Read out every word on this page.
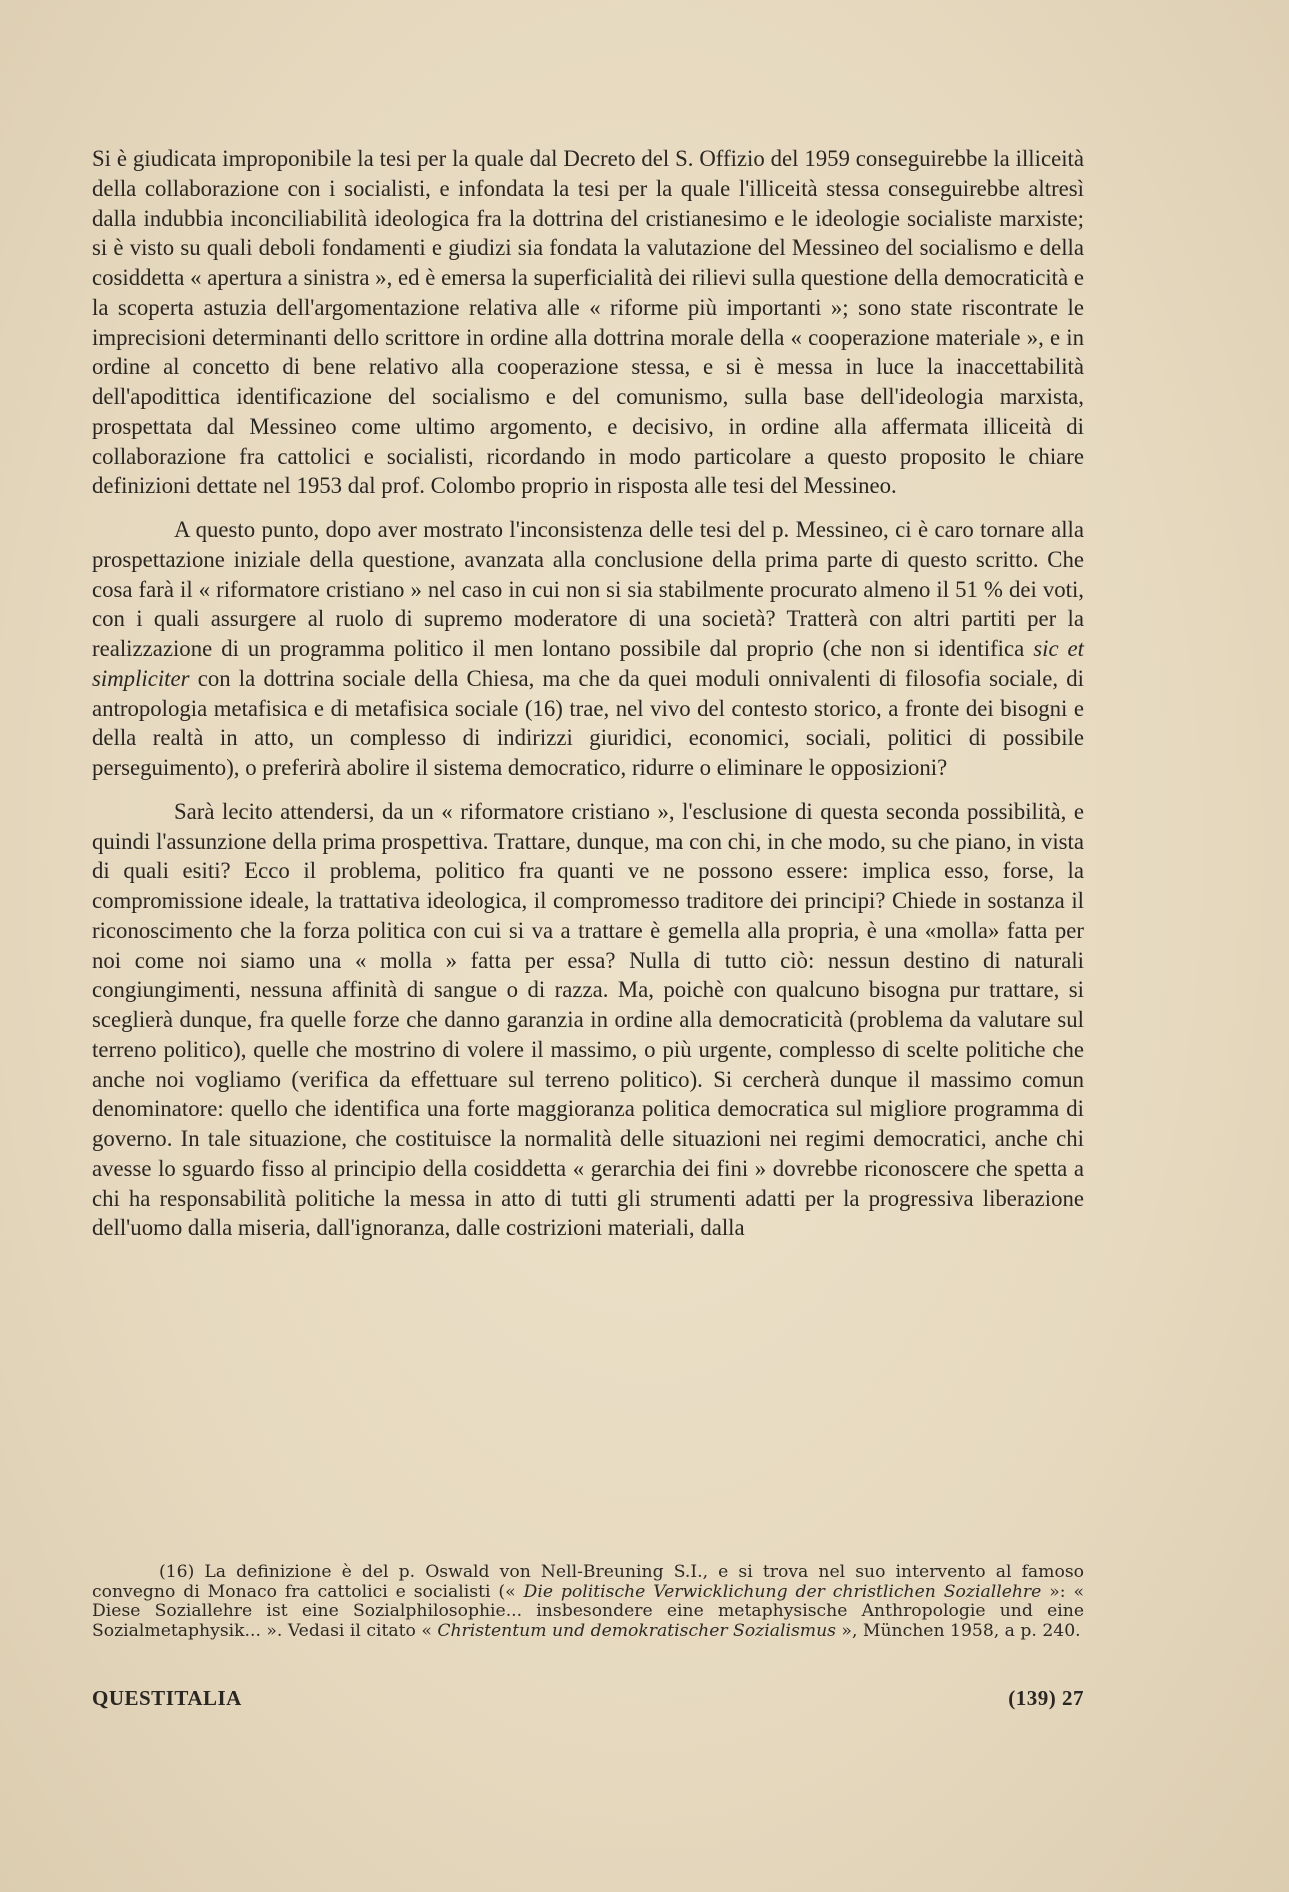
Si è giudicata improponibile la tesi per la quale dal Decreto del S. Offizio del 1959 conseguirebbe la illiceità della collaborazione con i socialisti, e infondata la tesi per la quale l'illiceità stessa conseguirebbe altresì dalla indubbia inconciliabilità ideologica fra la dottrina del cristianesimo e le ideologie socialiste marxiste; si è visto su quali deboli fondamenti e giudizi sia fondata la valutazione del Messineo del socialismo e della cosiddetta « apertura a sinistra », ed è emersa la superficialità dei rilievi sulla questione della democraticità e la scoperta astuzia dell'argomentazione relativa alle « riforme più importanti »; sono state riscontrate le imprecisioni determinanti dello scrittore in ordine alla dottrina morale della « cooperazione materiale », e in ordine al concetto di bene relativo alla cooperazione stessa, e si è messa in luce la inaccettabilità dell'apodittica identificazione del socialismo e del comunismo, sulla base dell'ideologia marxista, prospettata dal Messineo come ultimo argomento, e decisivo, in ordine alla affermata illiceità di collaborazione fra cattolici e socialisti, ricordando in modo particolare a questo proposito le chiare definizioni dettate nel 1953 dal prof. Colombo proprio in risposta alle tesi del Messineo.

A questo punto, dopo aver mostrato l'inconsistenza delle tesi del p. Messineo, ci è caro tornare alla prospettazione iniziale della questione, avanzata alla conclusione della prima parte di questo scritto. Che cosa farà il « riformatore cristiano » nel caso in cui non si sia stabilmente procurato almeno il 51 % dei voti, con i quali assurgere al ruolo di supremo moderatore di una società? Tratterà con altri partiti per la realizzazione di un programma politico il men lontano possibile dal proprio (che non si identifica sic et simpliciter con la dottrina sociale della Chiesa, ma che da quei moduli onnivalenti di filosofia sociale, di antropologia metafisica e di metafisica sociale (16) trae, nel vivo del contesto storico, a fronte dei bisogni e della realtà in atto, un complesso di indirizzi giuridici, economici, sociali, politici di possibile perseguimento), o preferirà abolire il sistema democratico, ridurre o eliminare le opposizioni?

Sarà lecito attendersi, da un « riformatore cristiano », l'esclusione di questa seconda possibilità, e quindi l'assunzione della prima prospettiva. Trattare, dunque, ma con chi, in che modo, su che piano, in vista di quali esiti? Ecco il problema, politico fra quanti ve ne possono essere: implica esso, forse, la compromissione ideale, la trattativa ideologica, il compromesso traditore dei principi? Chiede in sostanza il riconoscimento che la forza politica con cui si va a trattare è gemella alla propria, è una «molla» fatta per noi come noi siamo una « molla » fatta per essa? Nulla di tutto ciò: nessun destino di naturali congiungimenti, nessuna affinità di sangue o di razza. Ma, poichè con qualcuno bisogna pur trattare, si sceglierà dunque, fra quelle forze che danno garanzia in ordine alla democraticità (problema da valutare sul terreno politico), quelle che mostrino di volere il massimo, o più urgente, complesso di scelte politiche che anche noi vogliamo (verifica da effettuare sul terreno politico). Si cercherà dunque il massimo comun denominatore: quello che identifica una forte maggioranza politica democratica sul migliore programma di governo. In tale situazione, che costituisce la normalità delle situazioni nei regimi democratici, anche chi avesse lo sguardo fisso al principio della cosiddetta « gerarchia dei fini » dovrebbe riconoscere che spetta a chi ha responsabilità politiche la messa in atto di tutti gli strumenti adatti per la progressiva liberazione dell'uomo dalla miseria, dall'ignoranza, dalle costrizioni materiali, dalla

(16) La definizione è del p. Oswald von Nell-Breuning S.I., e si trova nel suo intervento al famoso convegno di Monaco fra cattolici e socialisti (« Die politische Verwicklichung der christlichen Soziallehre »: « Diese Soziallehre ist eine Sozialphilosophie... insbesondere eine metaphysische Anthropologie und eine Sozialmetaphysik... ». Vedasi il citato « Christentum und demokratischer Sozialismus », München 1958, a p. 240.
QUESTITALIA	(139) 27
